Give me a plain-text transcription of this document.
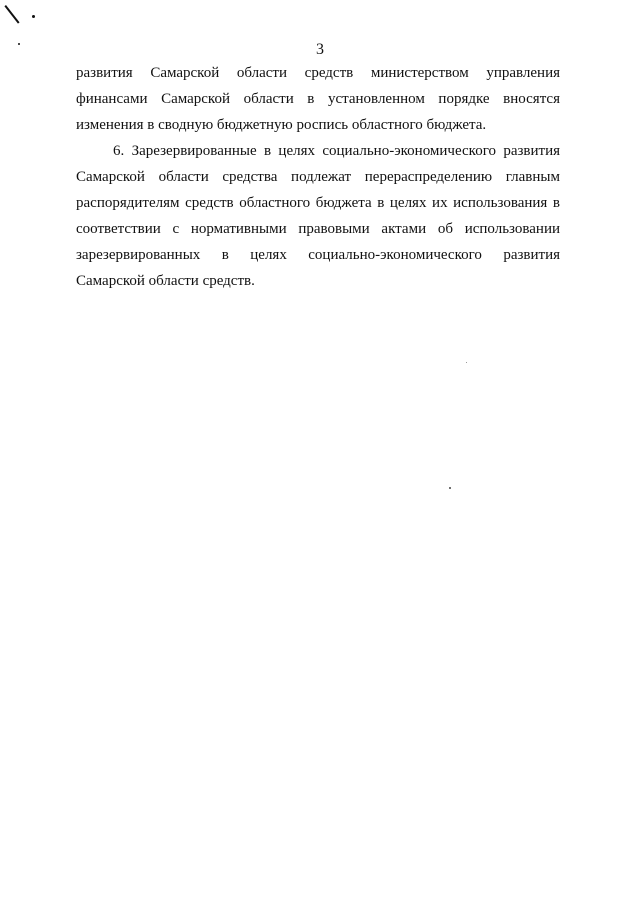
3

развития Самарской области средств министерством управления финансами Самарской области в установленном порядке вносятся изменения в сводную бюджетную роспись областного бюджета.

6. Зарезервированные в целях социально-экономического развития Самарской области средства подлежат перераспределению главным распорядителям средств областного бюджета в целях их использования в соответствии с нормативными правовыми актами об использовании зарезервированных в целях социально-экономического развития Самарской области средств.
